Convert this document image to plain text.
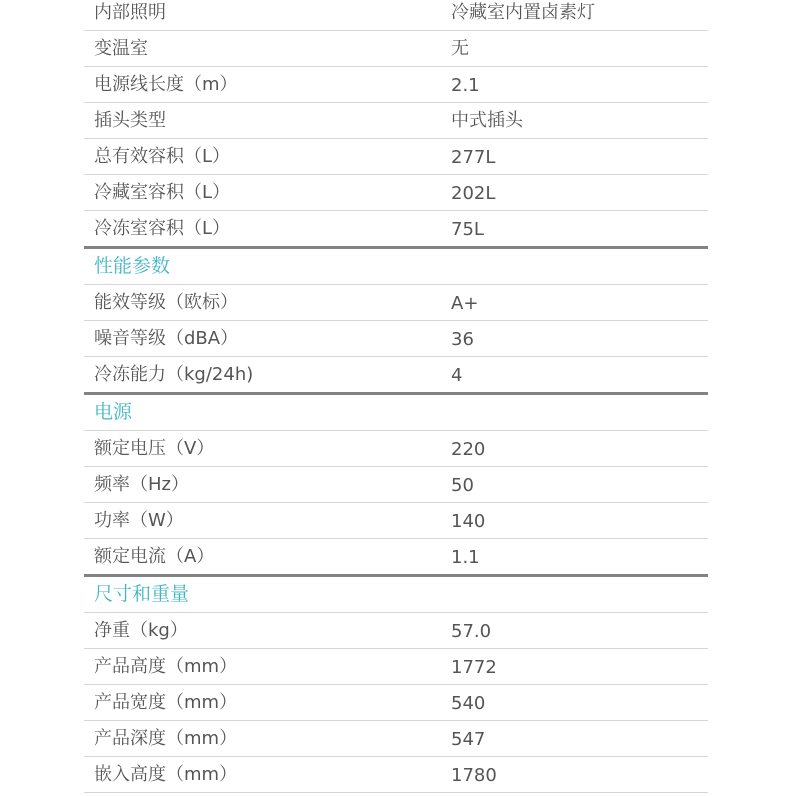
内部照明	冷藏室内置卤素灯
变温室	无
电源线长度（m）	2.1
插头类型	中式插头
总有效容积（L）	277L
冷藏室容积（L）	202L
冷冻室容积（L）	75L
性能参数
能效等级（欧标）	A+
噪音等级（dBA）	36
冷冻能力（kg/24h)	4
电源
额定电压（V）	220
频率（Hz）	50
功率（W）	140
额定电流（A）	1.1
尺寸和重量
净重（kg）	57.0
产品高度（mm）	1772
产品宽度（mm）	540
产品深度（mm）	547
嵌入高度（mm）	1780
